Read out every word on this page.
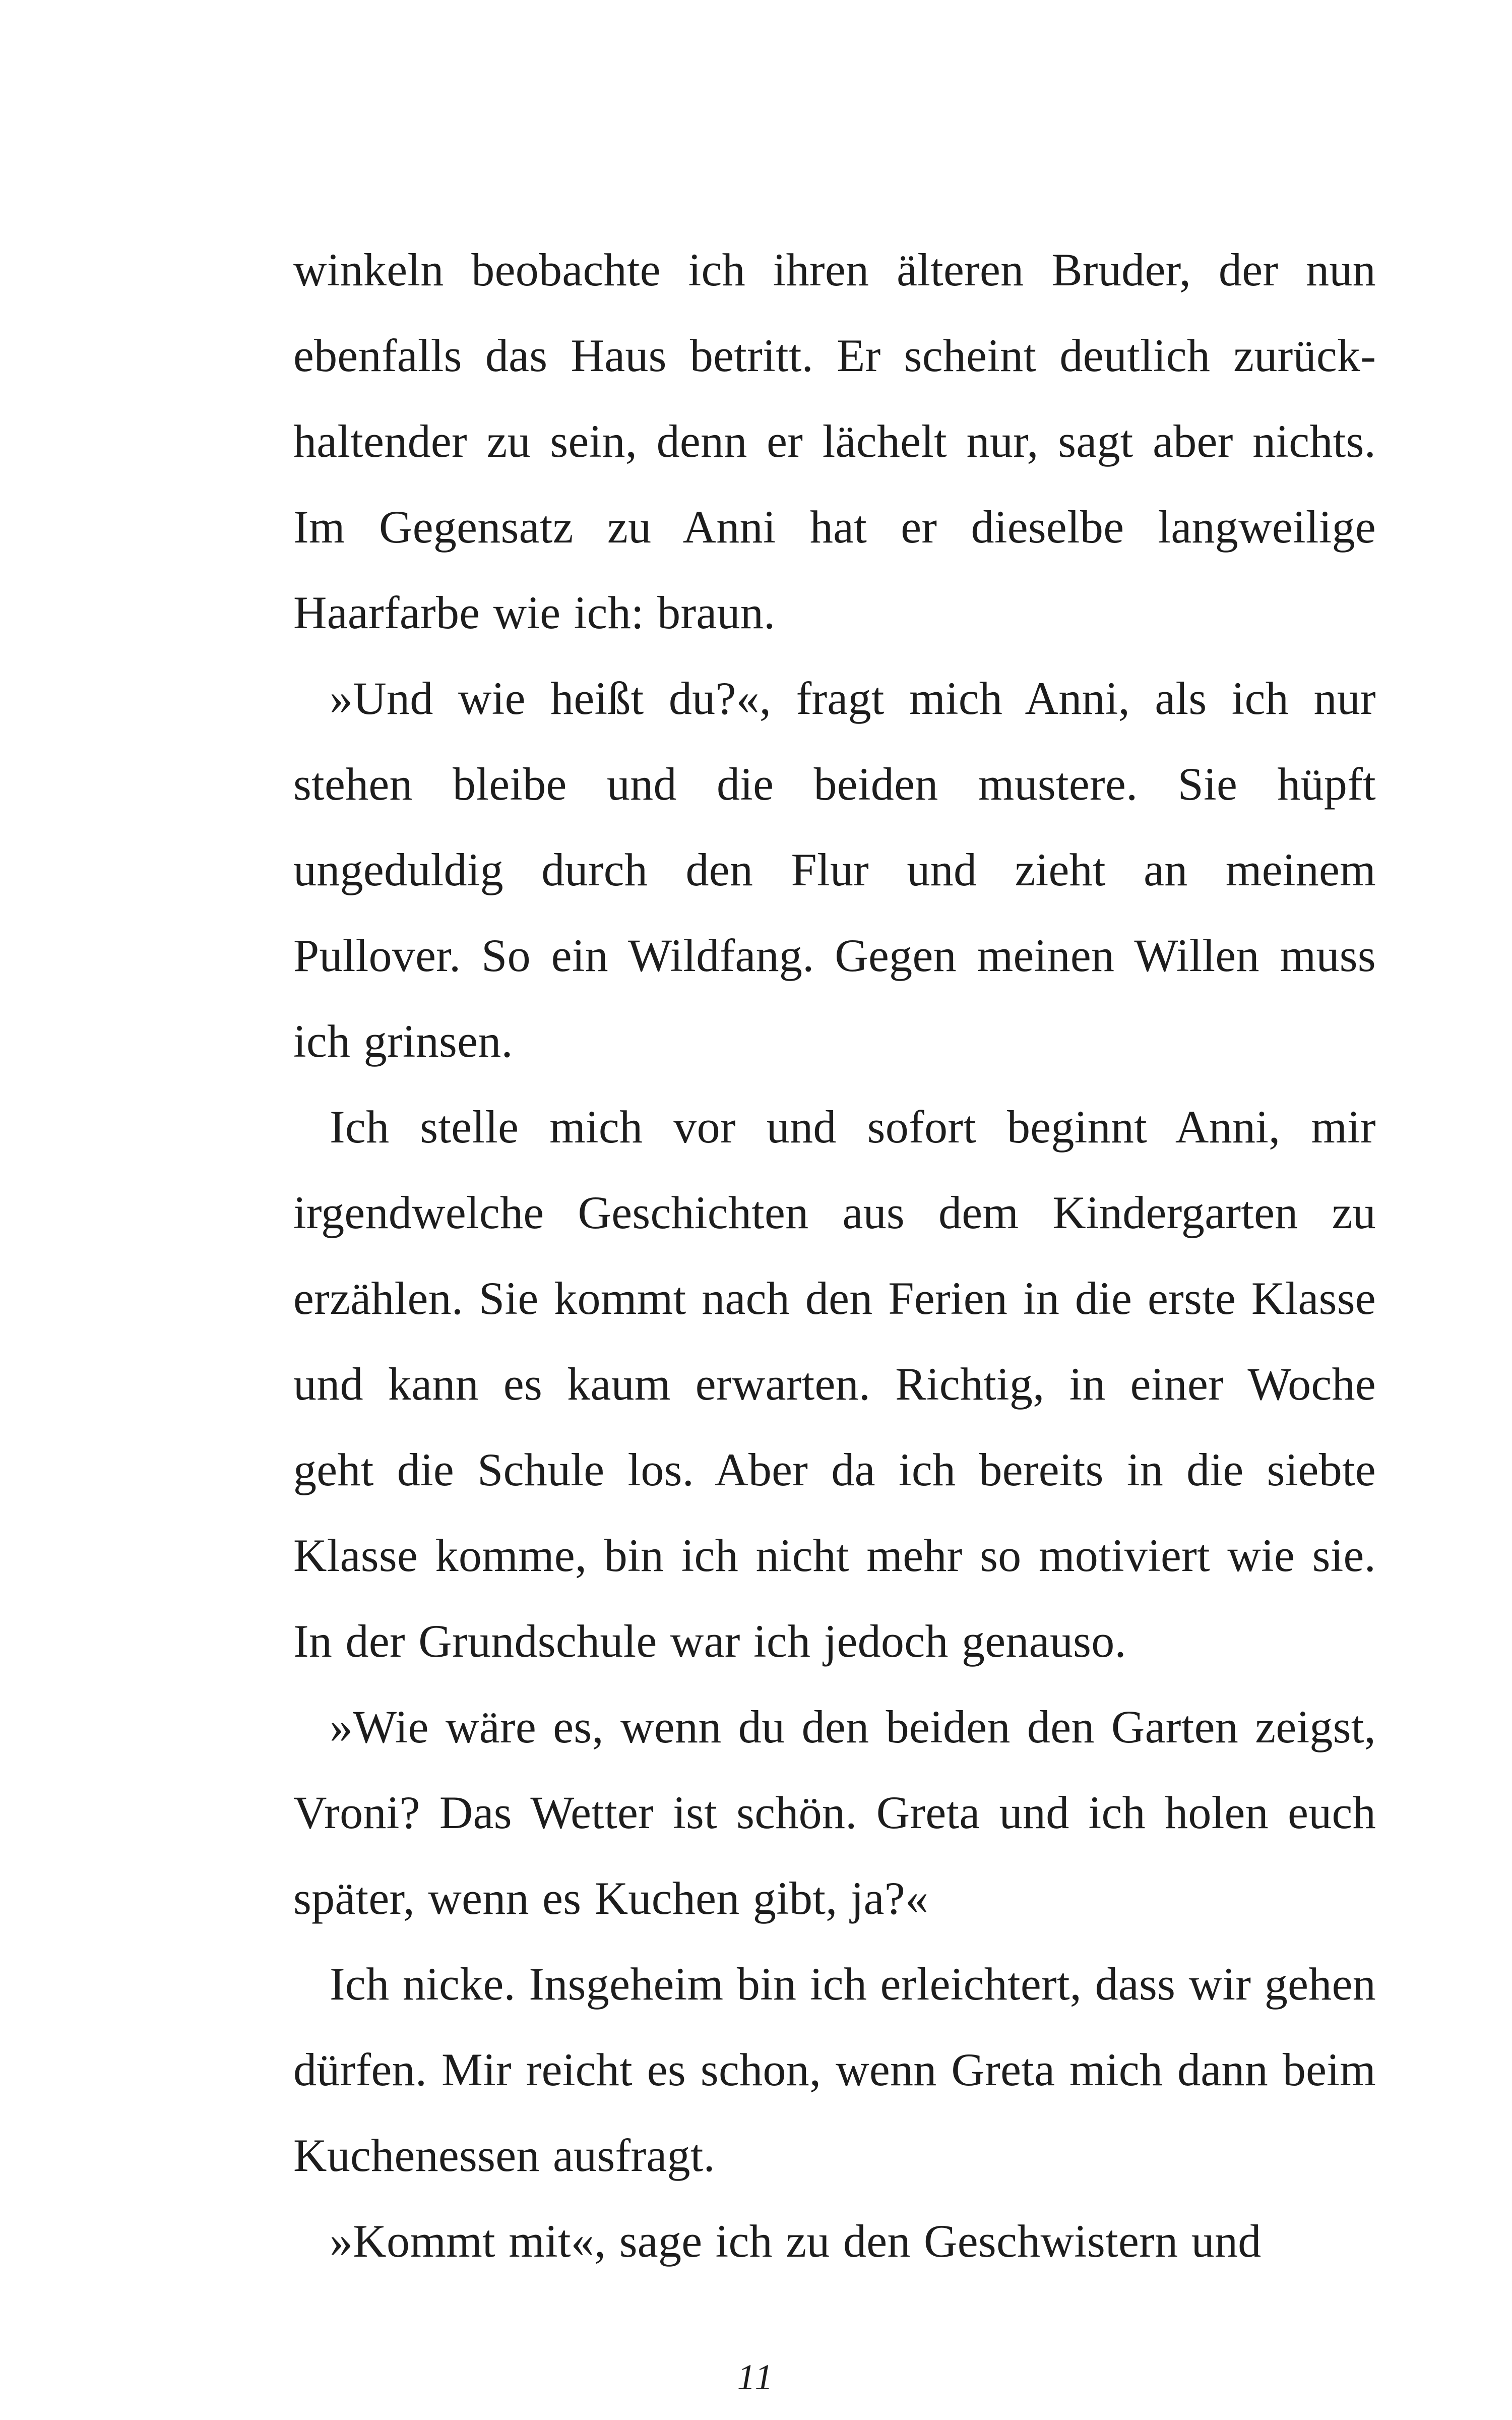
winkeln beobachte ich ihren älteren Bruder, der nun ebenfalls das Haus betritt. Er scheint deutlich zurückhaltender zu sein, denn er lächelt nur, sagt aber nichts. Im Gegensatz zu Anni hat er dieselbe langweilige Haarfarbe wie ich: braun.

»Und wie heißt du?«, fragt mich Anni, als ich nur stehen bleibe und die beiden mustere. Sie hüpft ungeduldig durch den Flur und zieht an meinem Pullover. So ein Wildfang. Gegen meinen Willen muss ich grinsen.

Ich stelle mich vor und sofort beginnt Anni, mir irgendwelche Geschichten aus dem Kindergarten zu erzählen. Sie kommt nach den Ferien in die erste Klasse und kann es kaum erwarten. Richtig, in einer Woche geht die Schule los. Aber da ich bereits in die siebte Klasse komme, bin ich nicht mehr so motiviert wie sie. In der Grundschule war ich jedoch genauso.

»Wie wäre es, wenn du den beiden den Garten zeigst, Vroni? Das Wetter ist schön. Greta und ich holen euch später, wenn es Kuchen gibt, ja?«

Ich nicke. Insgeheim bin ich erleichtert, dass wir gehen dürfen. Mir reicht es schon, wenn Greta mich dann beim Kuchenessen ausfragt.

»Kommt mit«, sage ich zu den Geschwistern und

11
